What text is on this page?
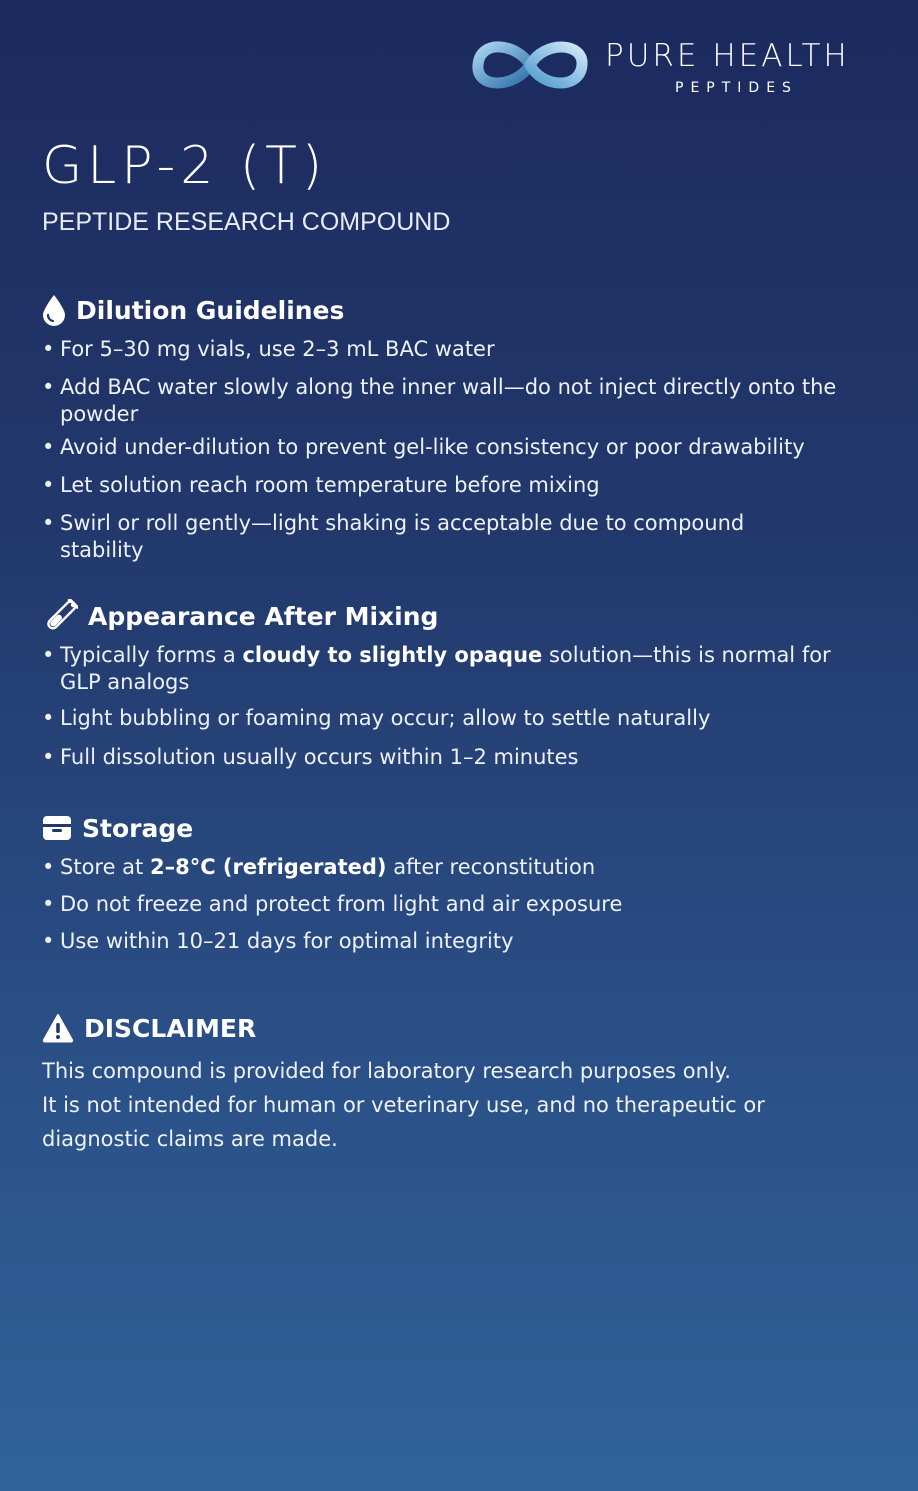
PURE HEALTH
PEPTIDES
GLP-2 (T)
PEPTIDE RESEARCH COMPOUND
Dilution Guidelines
• For 5–30 mg vials, use 2–3 mL BAC water
• Add BAC water slowly along the inner wall—do not inject directly onto the powder
• Avoid under-dilution to prevent gel-like consistency or poor drawability
• Let solution reach room temperature before mixing
• Swirl or roll gently—light shaking is acceptable due to compound stability
Appearance After Mixing
• Typically forms a cloudy to slightly opaque solution—this is normal for GLP analogs
• Light bubbling or foaming may occur; allow to settle naturally
• Full dissolution usually occurs within 1–2 minutes
Storage
• Store at 2–8°C (refrigerated) after reconstitution
• Do not freeze and protect from light and air exposure
• Use within 10–21 days for optimal integrity
DISCLAIMER
This compound is provided for laboratory research purposes only.
It is not intended for human or veterinary use, and no therapeutic or diagnostic claims are made.
